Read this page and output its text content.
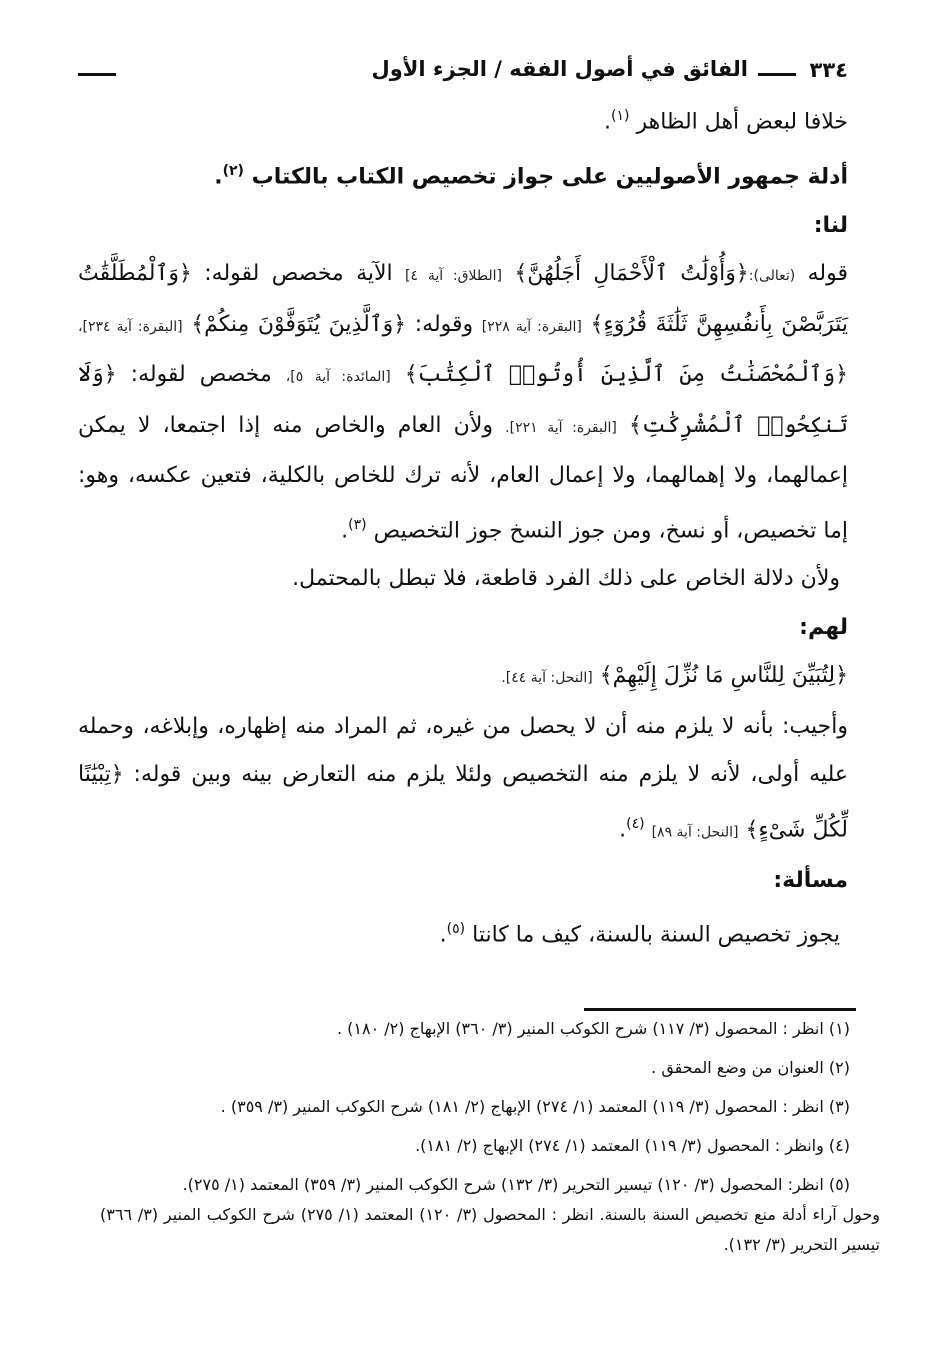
٣٣٤
الفائق في أصول الفقه / الجزء الأول

خلافا لبعض أهل الظاهر $^{(١)}$.

أدلة جمهور الأصوليين على جواز تخصيص الكتاب بالكتاب $^{(٢)}$.

لنا:

قوله (تعالى):﴿وَأُوْلَٰتُ ٱلْأَحْمَالِ أَجَلُهُنَّ﴾ [الطلاق: آية ٤] الآية مخصص لقوله: ﴿وَٱلْمُطَلَّقَٰتُ يَتَرَبَّصْنَ بِأَنفُسِهِنَّ ثَلَٰثَةَ قُرُوٓءٍ﴾ [البقرة: آية ٢٢٨] وقوله: ﴿وَٱلَّذِينَ يُتَوَفَّوْنَ مِنكُمْ﴾ [البقرة: آية ٢٣٤]، ﴿وَٱلْمُحْصَنَٰتُ مِنَ ٱلَّذِينَ أُوتُوا۟ ٱلْكِتَٰبَ﴾ [المائدة: آية ٥]، مخصص لقوله: ﴿وَلَا تَنكِحُوا۟ ٱلْمُشْرِكَٰتِ﴾ [البقرة: آية ٢٢١]. ولأن العام والخاص منه إذا اجتمعا، لا يمكن إعمالهما، ولا إهمالهما، ولا إعمال العام، لأنه ترك للخاص بالكلية، فتعين عكسه، وهو: إما تخصيص، أو نسخ، ومن جوز النسخ جوز التخصيص $^{(٣)}$.

ولأن دلالة الخاص على ذلك الفرد قاطعة، فلا تبطل بالمحتمل.

لهم:

﴿لِتُبَيِّنَ لِلنَّاسِ مَا نُزِّلَ إِلَيْهِمْ﴾ [النحل: آية ٤٤].

وأجيب: بأنه لا يلزم منه أن لا يحصل من غيره، ثم المراد منه إظهاره، وإبلاغه، وحمله عليه أولى، لأنه لا يلزم منه التخصيص ولئلا يلزم منه التعارض بينه وبين قوله: ﴿تِبْيَٰنًا لِّكُلِّ شَىْءٍ﴾ [النحل: آية ٨٩] $^{(٤)}$.

مسألة:

يجوز تخصيص السنة بالسنة، كيف ما كانتا $^{(٥)}$.

(١) انظر : المحصول (٣/ ١١٧) شرح الكوكب المنير (٣/ ٣٦٠) الإبهاج (٢/ ١٨٠) .

(٢) العنوان من وضع المحقق .

(٣) انظر : المحصول (٣/ ١١٩) المعتمد (١/ ٢٧٤) الإبهاج (٢/ ١٨١) شرح الكوكب المنير (٣/ ٣٥٩) .

(٤) وانظر : المحصول (٣/ ١١٩) المعتمد (١/ ٢٧٤) الإبهاج (٢/ ١٨١).

(٥) انظر: المحصول (٣/ ١٢٠) تيسير التحرير (٣/ ١٣٢) شرح الكوكب المنير (٣/ ٣٥٩) المعتمد (١/ ٢٧٥).

وحول آراء أدلة منع تخصيص السنة بالسنة. انظر : المحصول (٣/ ١٢٠) المعتمد (١/ ٢٧٥) شرح الكوكب المنير (٣/ ٣٦٦) تيسير التحرير (٣/ ١٣٢).
